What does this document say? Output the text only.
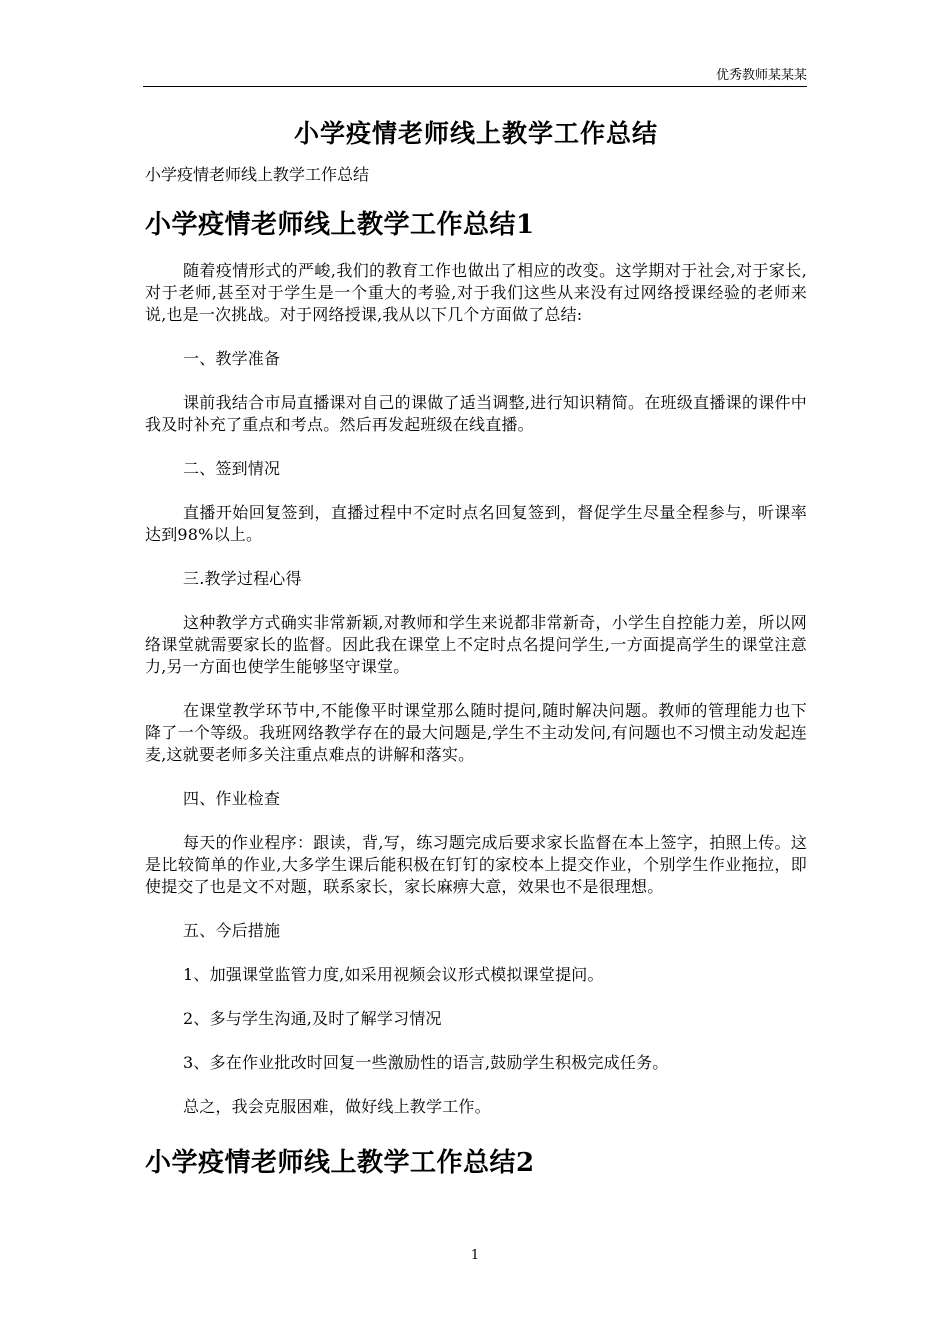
优秀教师某某某
小学疫情老师线上教学工作总结
小学疫情老师线上教学工作总结
小学疫情老师线上教学工作总结1

随着疫情形式的严峻,我们的教育工作也做出了相应的改变。这学期对于社会,对于家长,对于老师,甚至对于学生是一个重大的考验,对于我们这些从来没有过网络授课经验的老师来说,也是一次挑战。对于网络授课,我从以下几个方面做了总结:

一、教学准备

课前我结合市局直播课对自己的课做了适当调整,进行知识精简。在班级直播课的课件中我及时补充了重点和考点。然后再发起班级在线直播。

二、签到情况

直播开始回复签到，直播过程中不定时点名回复签到，督促学生尽量全程参与，听课率达到98%以上。

三.教学过程心得

这种教学方式确实非常新颖,对教师和学生来说都非常新奇，小学生自控能力差，所以网络课堂就需要家长的监督。因此我在课堂上不定时点名提问学生,一方面提高学生的课堂注意力,另一方面也使学生能够坚守课堂。

在课堂教学环节中,不能像平时课堂那么随时提问,随时解决问题。教师的管理能力也下降了一个等级。我班网络教学存在的最大问题是,学生不主动发问,有问题也不习惯主动发起连麦,这就要老师多关注重点难点的讲解和落实。

四、作业检查

每天的作业程序：跟读，背,写，练习题完成后要求家长监督在本上签字，拍照上传。这是比较简单的作业,大多学生课后能积极在钉钉的家校本上提交作业，个别学生作业拖拉，即使提交了也是文不对题，联系家长，家长麻痹大意，效果也不是很理想。

五、今后措施

1、加强课堂监管力度,如采用视频会议形式模拟课堂提问。

2、多与学生沟通,及时了解学习情况

3、多在作业批改时回复一些激励性的语言,鼓励学生积极完成任务。

总之，我会克服困难，做好线上教学工作。

小学疫情老师线上教学工作总结2
1
